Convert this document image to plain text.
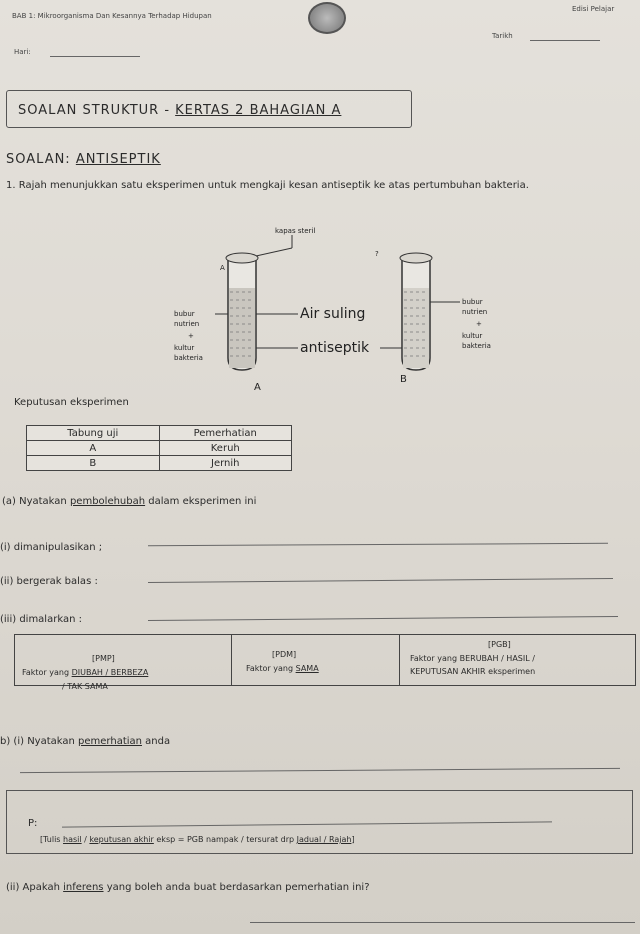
BAB 1: Mikroorganisma Dan Kesannya Terhadap Hidupan
Edisi Pelajar
Hari:
Tarikh
SOALAN STRUKTUR - KERTAS 2 BAHAGIAN A
SOALAN: ANTISEPTIK
1. Rajah menunjukkan satu eksperimen untuk mengkaji kesan antiseptik ke atas pertumbuhan bakteria.
kapas steril
A
?
bubur
nutrien
+
kultur
bakteria
Air suling
antiseptik
bubur
nutrien
+
kultur
bakteria
A
B
Keputusan eksperimen
Tabung uji	Pemerhatian
A	Keruh
B	Jernih
(a) Nyatakan pembolehubah dalam eksperimen ini
(i) dimanipulasikan ;
(ii) bergerak balas :
(iii) dimalarkan :
[PMP]
Faktor yang DIUBAH / BERBEZA
/ TAK SAMA
[PDM]
Faktor yang SAMA
[PGB]
Faktor yang BERUBAH / HASIL /
KEPUTUSAN AKHIR eksperimen
b) (i) Nyatakan pemerhatian anda
P:
[Tulis hasil / keputusan akhir eksp = PGB nampak / tersurat drp Jadual / Rajah]
(ii) Apakah inferens yang boleh anda buat berdasarkan pemerhatian ini?
